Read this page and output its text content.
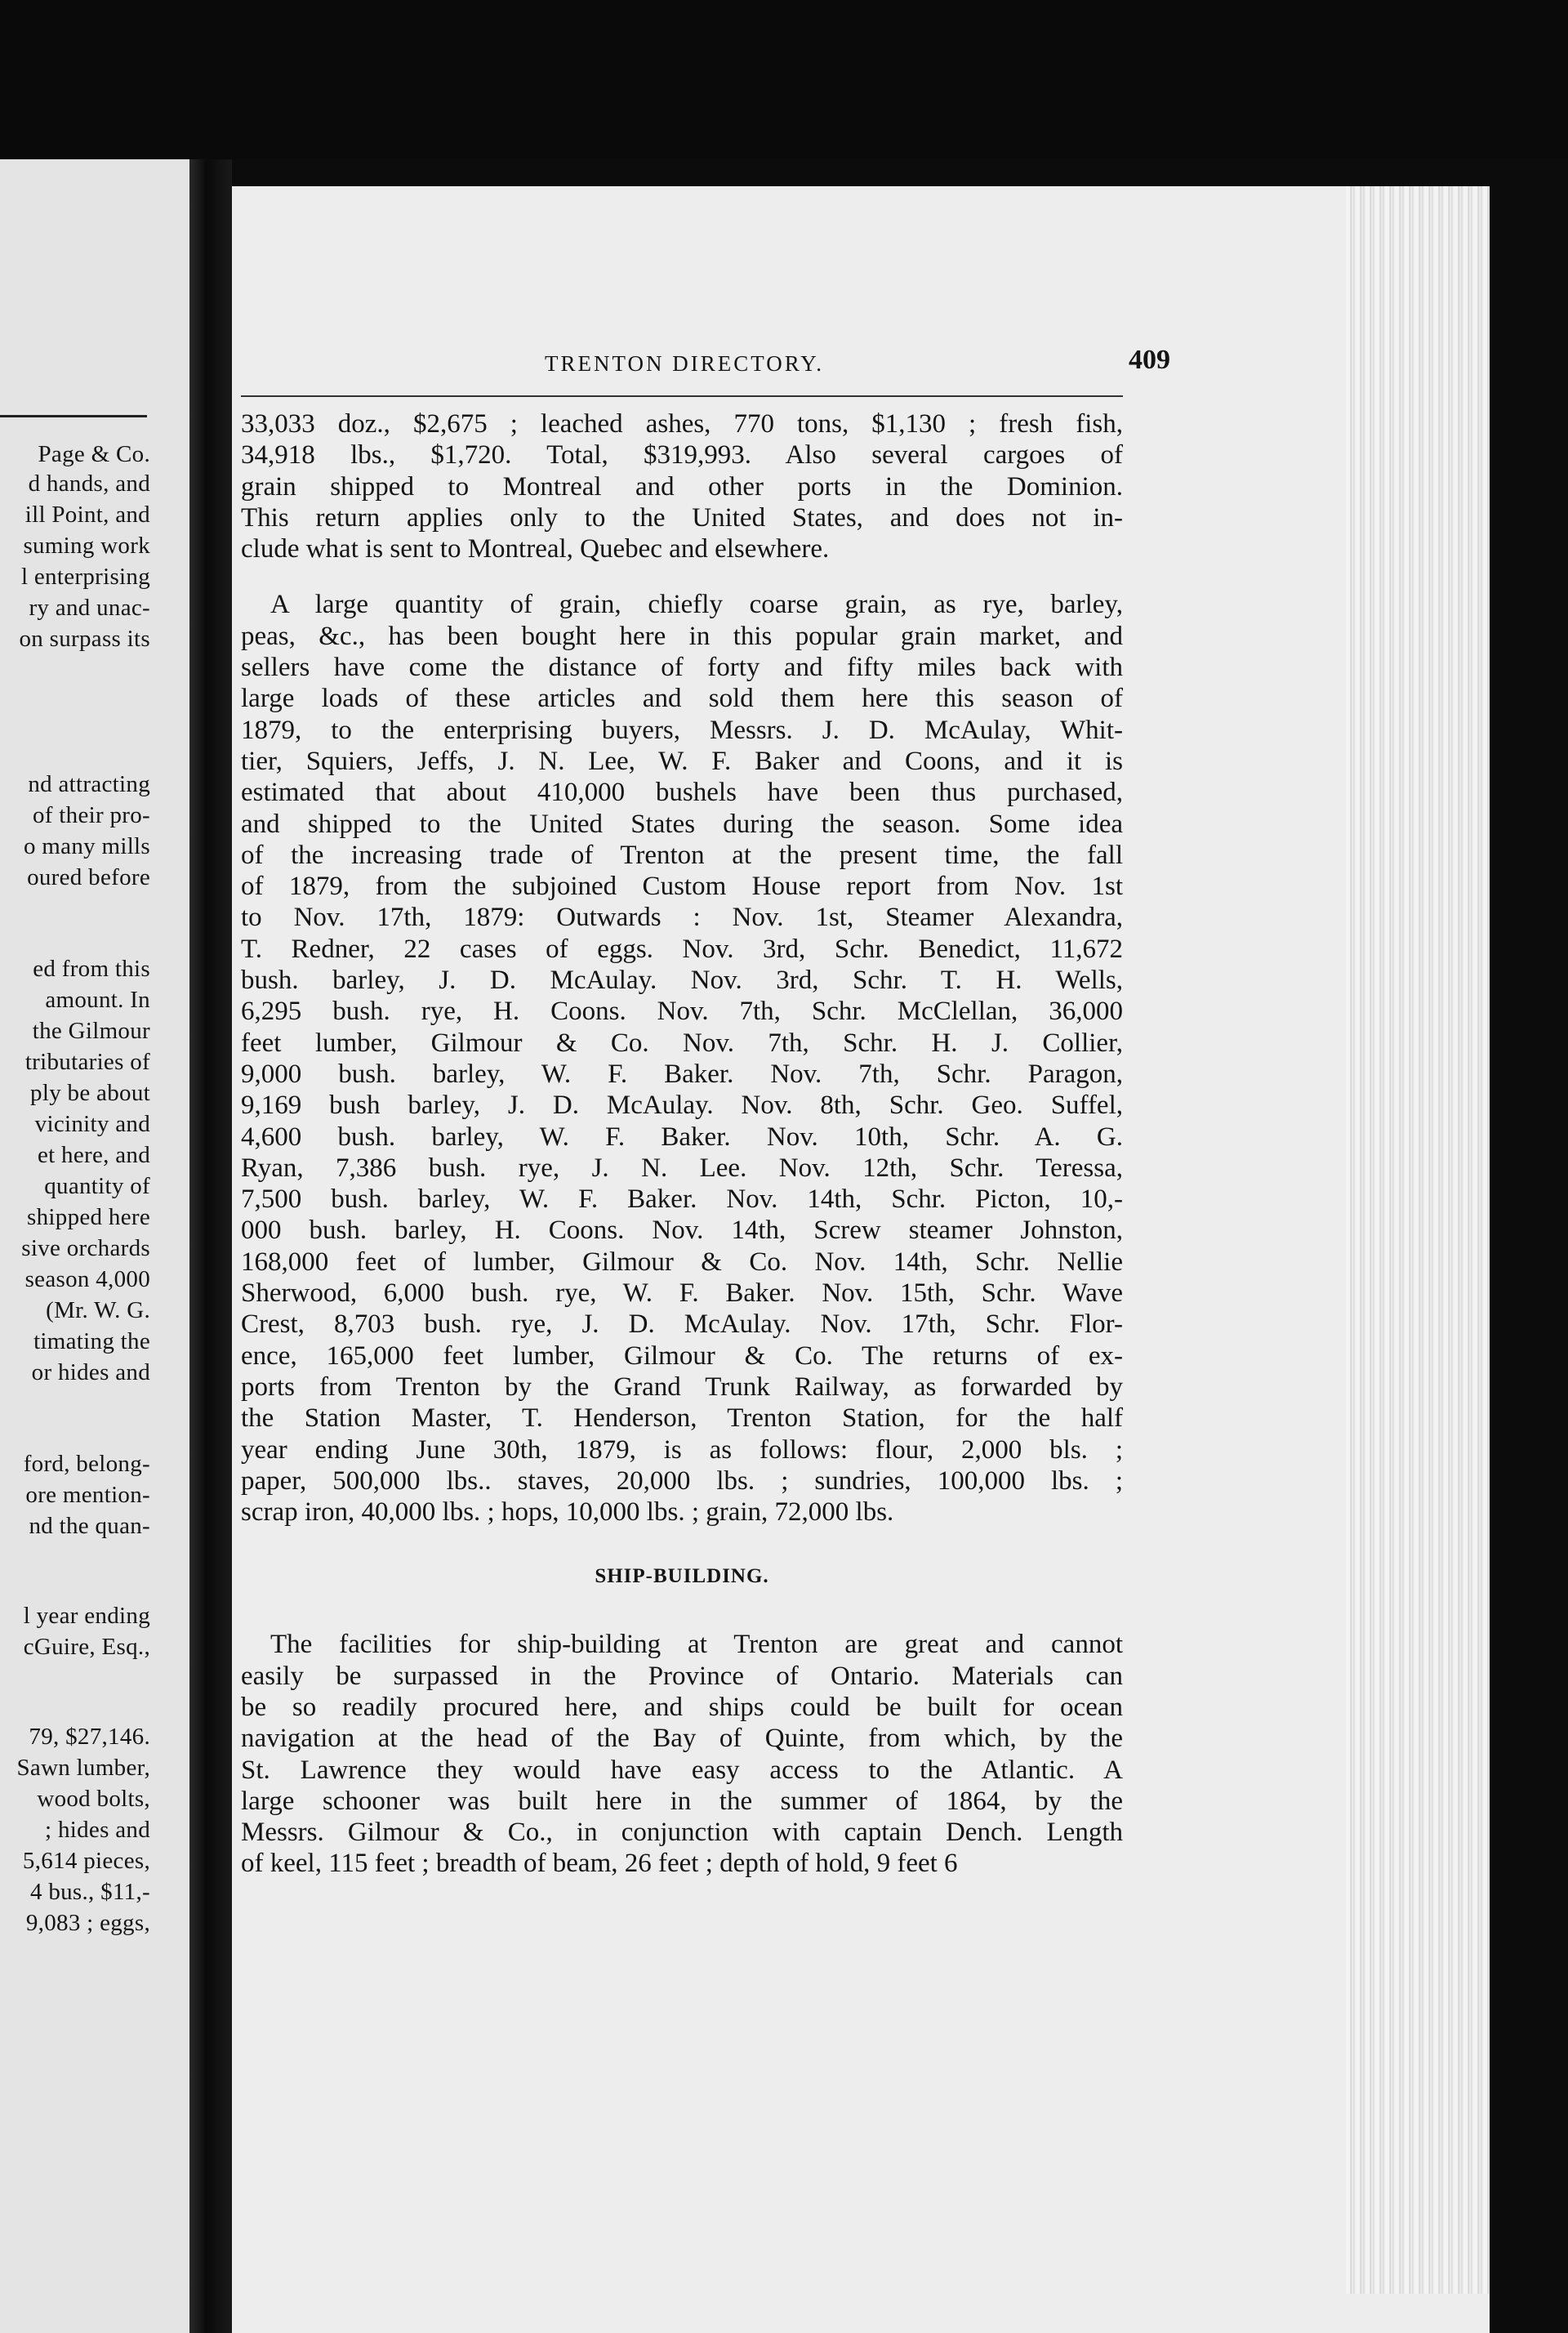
Page & Co.
d hands, and
ill Point, and
suming work
l enterprising
ry and unac-
on surpass its
nd attracting
of their pro-
o many mills
oured before
ed from this
amount. In
the Gilmour
tributaries of
ply be about
vicinity and
et here, and
quantity of
shipped here
sive orchards
season 4,000
(Mr. W. G.
timating the
or hides and
ford, belong-
ore mention-
nd the quan-
l year ending
cGuire, Esq.,
79, $27,146.
Sawn lumber,
wood bolts,
; hides and
5,614 pieces,
4 bus., $11,-
9,083 ; eggs,
TRENTON DIRECTORY.	409
33,033 doz., $2,675 ; leached ashes, 770 tons, $1,130 ; fresh fish,
34,918 lbs., $1,720. Total, $319,993. Also several cargoes of
grain shipped to Montreal and other ports in the Dominion.
This return applies only to the United States, and does not in-
clude what is sent to Montreal, Quebec and elsewhere.
A large quantity of grain, chiefly coarse grain, as rye, barley,
peas, &c., has been bought here in this popular grain market, and
sellers have come the distance of forty and fifty miles back with
large loads of these articles and sold them here this season of
1879, to the enterprising buyers, Messrs. J. D. McAulay, Whit-
tier, Squiers, Jeffs, J. N. Lee, W. F. Baker and Coons, and it is
estimated that about 410,000 bushels have been thus purchased,
and shipped to the United States during the season. Some idea
of the increasing trade of Trenton at the present time, the fall
of 1879, from the subjoined Custom House report from Nov. 1st
to Nov. 17th, 1879: Outwards : Nov. 1st, Steamer Alexandra,
T. Redner, 22 cases of eggs. Nov. 3rd, Schr. Benedict, 11,672
bush. barley, J. D. McAulay. Nov. 3rd, Schr. T. H. Wells,
6,295 bush. rye, H. Coons. Nov. 7th, Schr. McClellan, 36,000
feet lumber, Gilmour & Co. Nov. 7th, Schr. H. J. Collier,
9,000 bush. barley, W. F. Baker. Nov. 7th, Schr. Paragon,
9,169 bush barley, J. D. McAulay. Nov. 8th, Schr. Geo. Suffel,
4,600 bush. barley, W. F. Baker. Nov. 10th, Schr. A. G.
Ryan, 7,386 bush. rye, J. N. Lee. Nov. 12th, Schr. Teressa,
7,500 bush. barley, W. F. Baker. Nov. 14th, Schr. Picton, 10,-
000 bush. barley, H. Coons. Nov. 14th, Screw steamer Johnston,
168,000 feet of lumber, Gilmour & Co. Nov. 14th, Schr. Nellie
Sherwood, 6,000 bush. rye, W. F. Baker. Nov. 15th, Schr. Wave
Crest, 8,703 bush. rye, J. D. McAulay. Nov. 17th, Schr. Flor-
ence, 165,000 feet lumber, Gilmour & Co. The returns of ex-
ports from Trenton by the Grand Trunk Railway, as forwarded by
the Station Master, T. Henderson, Trenton Station, for the half
year ending June 30th, 1879, is as follows: flour, 2,000 bls. ;
paper, 500,000 lbs.. staves, 20,000 lbs. ; sundries, 100,000 lbs. ;
scrap iron, 40,000 lbs. ; hops, 10,000 lbs. ; grain, 72,000 lbs.
SHIP-BUILDING.
The facilities for ship-building at Trenton are great and cannot
easily be surpassed in the Province of Ontario. Materials can
be so readily procured here, and ships could be built for ocean
navigation at the head of the Bay of Quinte, from which, by the
St. Lawrence they would have easy access to the Atlantic. A
large schooner was built here in the summer of 1864, by the
Messrs. Gilmour & Co., in conjunction with captain Dench. Length
of keel, 115 feet ; breadth of beam, 26 feet ; depth of hold, 9 feet 6
